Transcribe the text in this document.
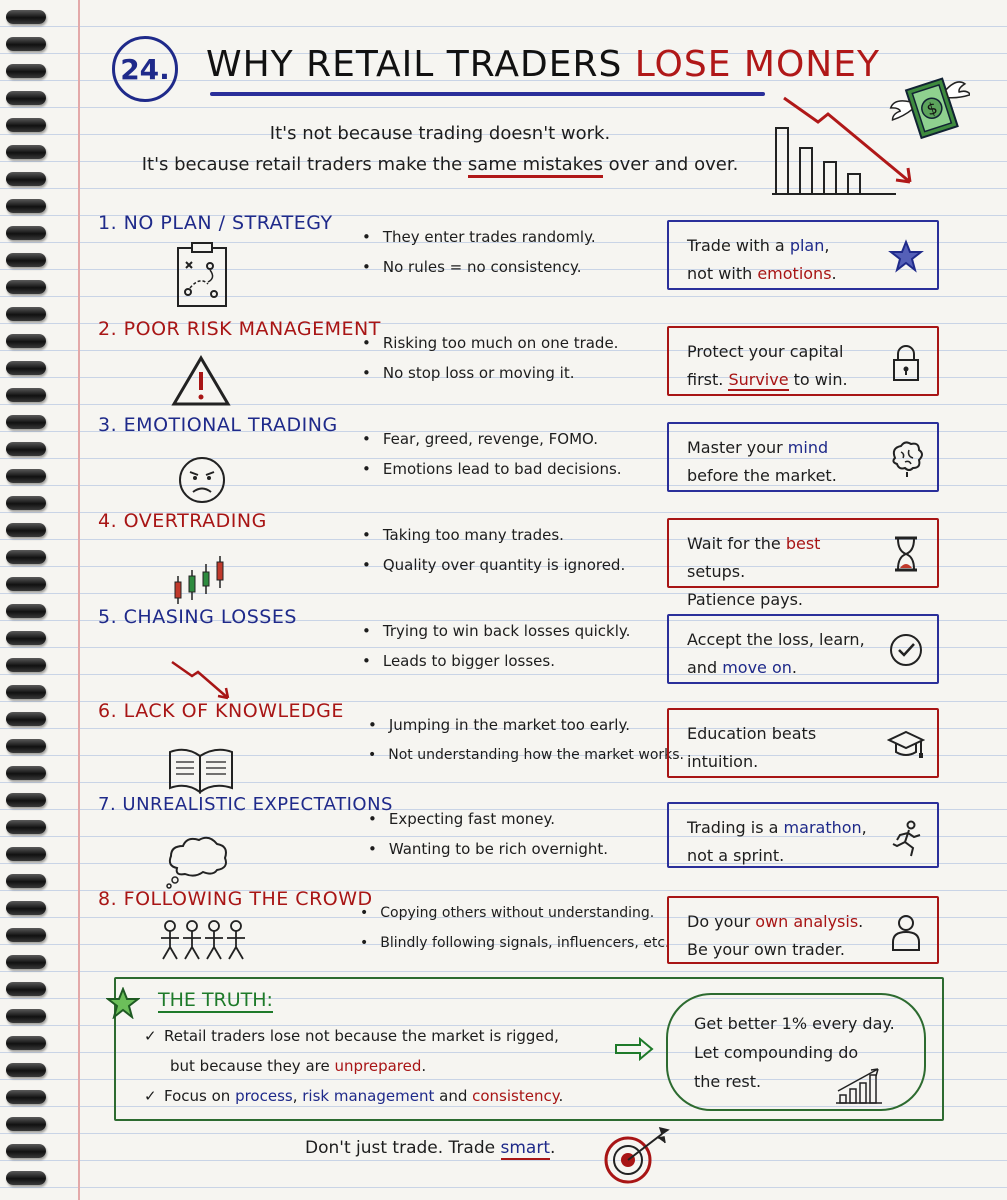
24. WHY RETAIL TRADERS LOSE MONEY
$
It's not because trading doesn't work.
It's because retail traders make the same mistakes over and over.
1. NO PLAN / STRATEGY
• They enter trades randomly.
• No rules = no consistency.
Trade with a plan,
not with emotions.
2. POOR RISK MANAGEMENT
• Risking too much on one trade.
• No stop loss or moving it.
Protect your capital
first. Survive to win.
3. EMOTIONAL TRADING
• Fear, greed, revenge, FOMO.
• Emotions lead to bad decisions.
Master your mind
before the market.
4. OVERTRADING
• Taking too many trades.
• Quality over quantity is ignored.
Wait for the best setups.
Patience pays.
5. CHASING LOSSES
• Trying to win back losses quickly.
• Leads to bigger losses.
Accept the loss, learn,
and move on.
6. LACK OF KNOWLEDGE
• Jumping in the market too early.
• Not understanding how the market works.
Education beats
intuition.
7. UNREALISTIC EXPECTATIONS
• Expecting fast money.
• Wanting to be rich overnight.
Trading is a marathon,
not a sprint.
8. FOLLOWING THE CROWD
• Copying others without understanding.
• Blindly following signals, influencers, etc.
Do your own analysis.
Be your own trader.
THE TRUTH:
✓ Retail traders lose not because the market is rigged,
but because they are unprepared.
✓ Focus on process, risk management and consistency.
Get better 1% every day.
Let compounding do
the rest.
Don't just trade. Trade smart.
